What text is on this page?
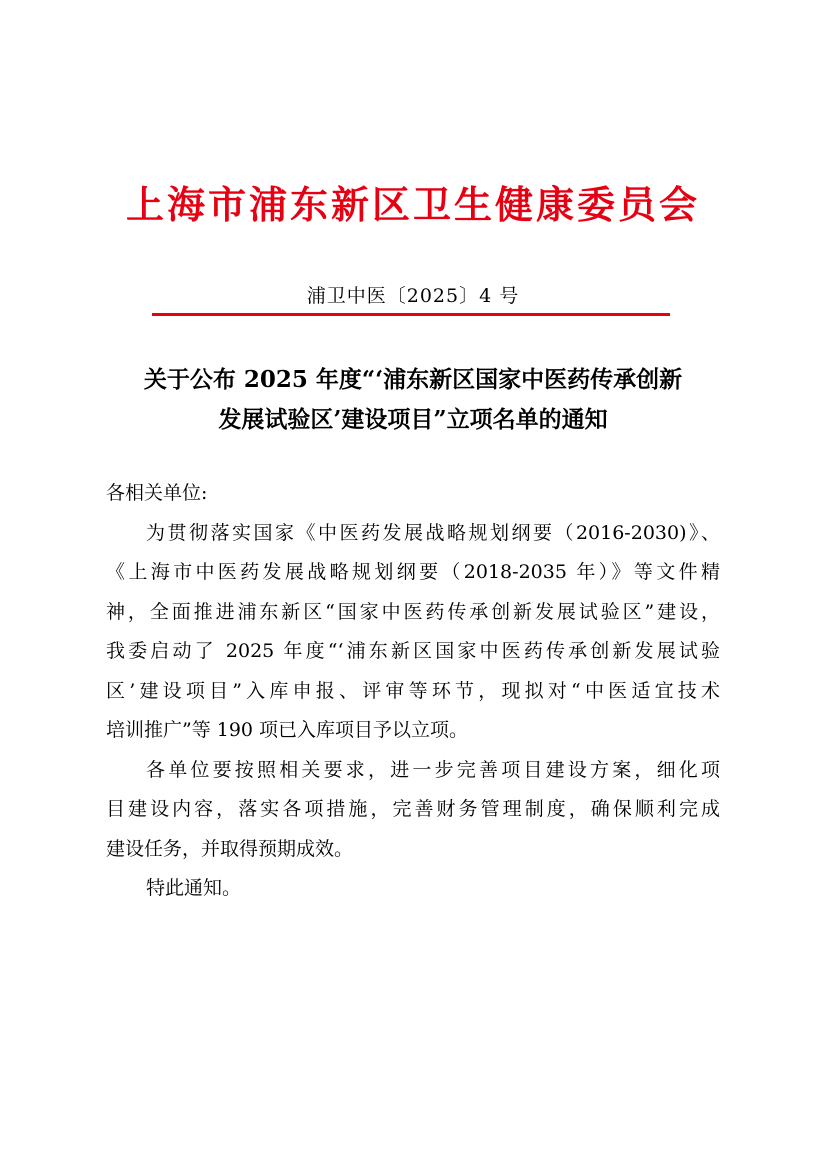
上海市浦东新区卫生健康委员会
浦卫中医〔2025〕4 号
关于公布 2025 年度“‘浦东新区国家中医药传承创新
发展试验区’建设项目”立项名单的通知

各相关单位:

为贯彻落实国家《中医药发展战略规划纲要（2016-2030)》、
《上海市中医药发展战略规划纲要（2018-2035 年）》等文件精
神，全面推进浦东新区“国家中医药传承创新发展试验区”建设，
我委启动了 2025 年度“‘浦东新区国家中医药传承创新发展试验
区’建设项目”入库申报、评审等环节，现拟对“中医适宜技术
培训推广”等 190 项已入库项目予以立项。

各单位要按照相关要求，进一步完善项目建设方案，细化项
目建设内容，落实各项措施，完善财务管理制度，确保顺利完成
建设任务，并取得预期成效。

特此通知。
